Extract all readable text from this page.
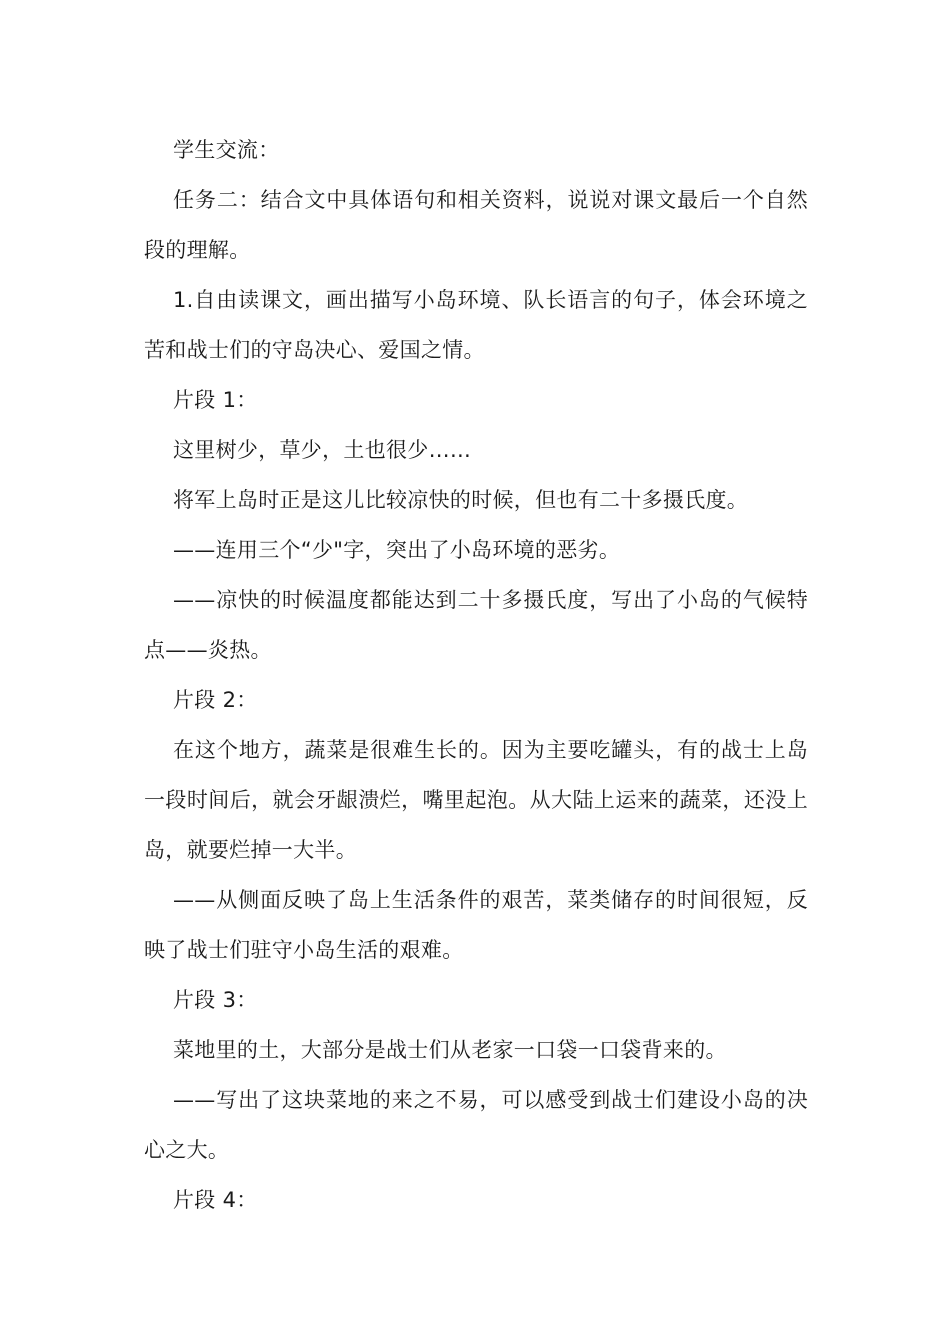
学生交流：

任务二：结合文中具体语句和相关资料，说说对课文最后一个自然段的理解。

1.自由读课文，画出描写小岛环境、队长语言的句子，体会环境之苦和战士们的守岛决心、爱国之情。

片段 1：

这里树少，草少，土也很少……

将军上岛时正是这儿比较凉快的时候，但也有二十多摄氏度。

——连用三个“少"字，突出了小岛环境的恶劣。

——凉快的时候温度都能达到二十多摄氏度，写出了小岛的气候特点——炎热。

片段 2：

在这个地方，蔬菜是很难生长的。因为主要吃罐头，有的战士上岛一段时间后，就会牙龈溃烂，嘴里起泡。从大陆上运来的蔬菜，还没上岛，就要烂掉一大半。

——从侧面反映了岛上生活条件的艰苦，菜类储存的时间很短，反映了战士们驻守小岛生活的艰难。

片段 3：

菜地里的土，大部分是战士们从老家一口袋一口袋背来的。

——写出了这块菜地的来之不易，可以感受到战士们建设小岛的决心之大。

片段 4：
